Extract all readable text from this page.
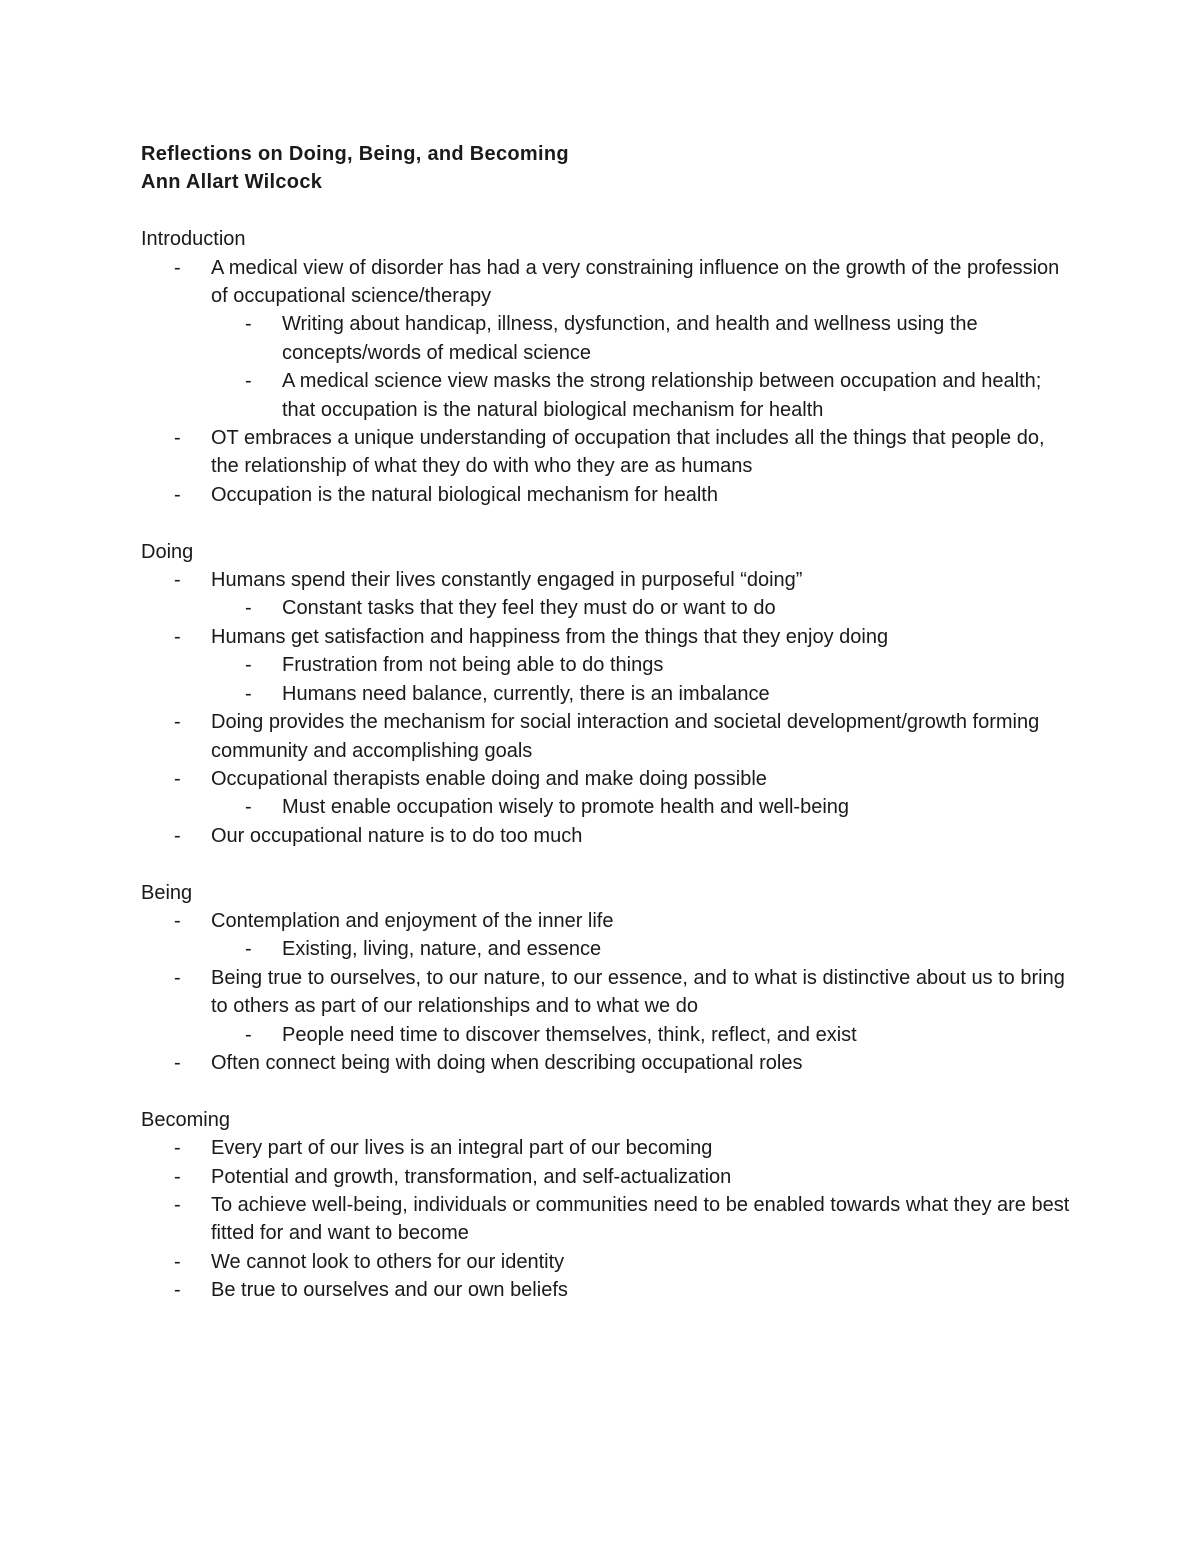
Reflections on Doing, Being, and Becoming
Ann Allart Wilcock
Introduction
-	A medical view of disorder has had a very constraining influence on the growth of the profession of occupational science/therapy
-	Writing about handicap, illness, dysfunction, and health and wellness using the concepts/words of medical science
-	A medical science view masks the strong relationship between occupation and health; that occupation is the natural biological mechanism for health
-	OT embraces a unique understanding of occupation that includes all the things that people do, the relationship of what they do with who they are as humans
-	Occupation is the natural biological mechanism for health
Doing
-	Humans spend their lives constantly engaged in purposeful “doing”
-	Constant tasks that they feel they must do or want to do
-	Humans get satisfaction and happiness from the things that they enjoy doing
-	Frustration from not being able to do things
-	Humans need balance, currently, there is an imbalance
-	Doing provides the mechanism for social interaction and societal development/growth forming community and accomplishing goals
-	Occupational therapists enable doing and make doing possible
-	Must enable occupation wisely to promote health and well-being
-	Our occupational nature is to do too much
Being
-	Contemplation and enjoyment of the inner life
-	Existing, living, nature, and essence
-	Being true to ourselves, to our nature, to our essence, and to what is distinctive about us to bring to others as part of our relationships and to what we do
-	People need time to discover themselves, think, reflect, and exist
-	Often connect being with doing when describing occupational roles
Becoming
-	Every part of our lives is an integral part of our becoming
-	Potential and growth, transformation, and self-actualization
-	To achieve well-being, individuals or communities need to be enabled towards what they are best fitted for and want to become
-	We cannot look to others for our identity
-	Be true to ourselves and our own beliefs
